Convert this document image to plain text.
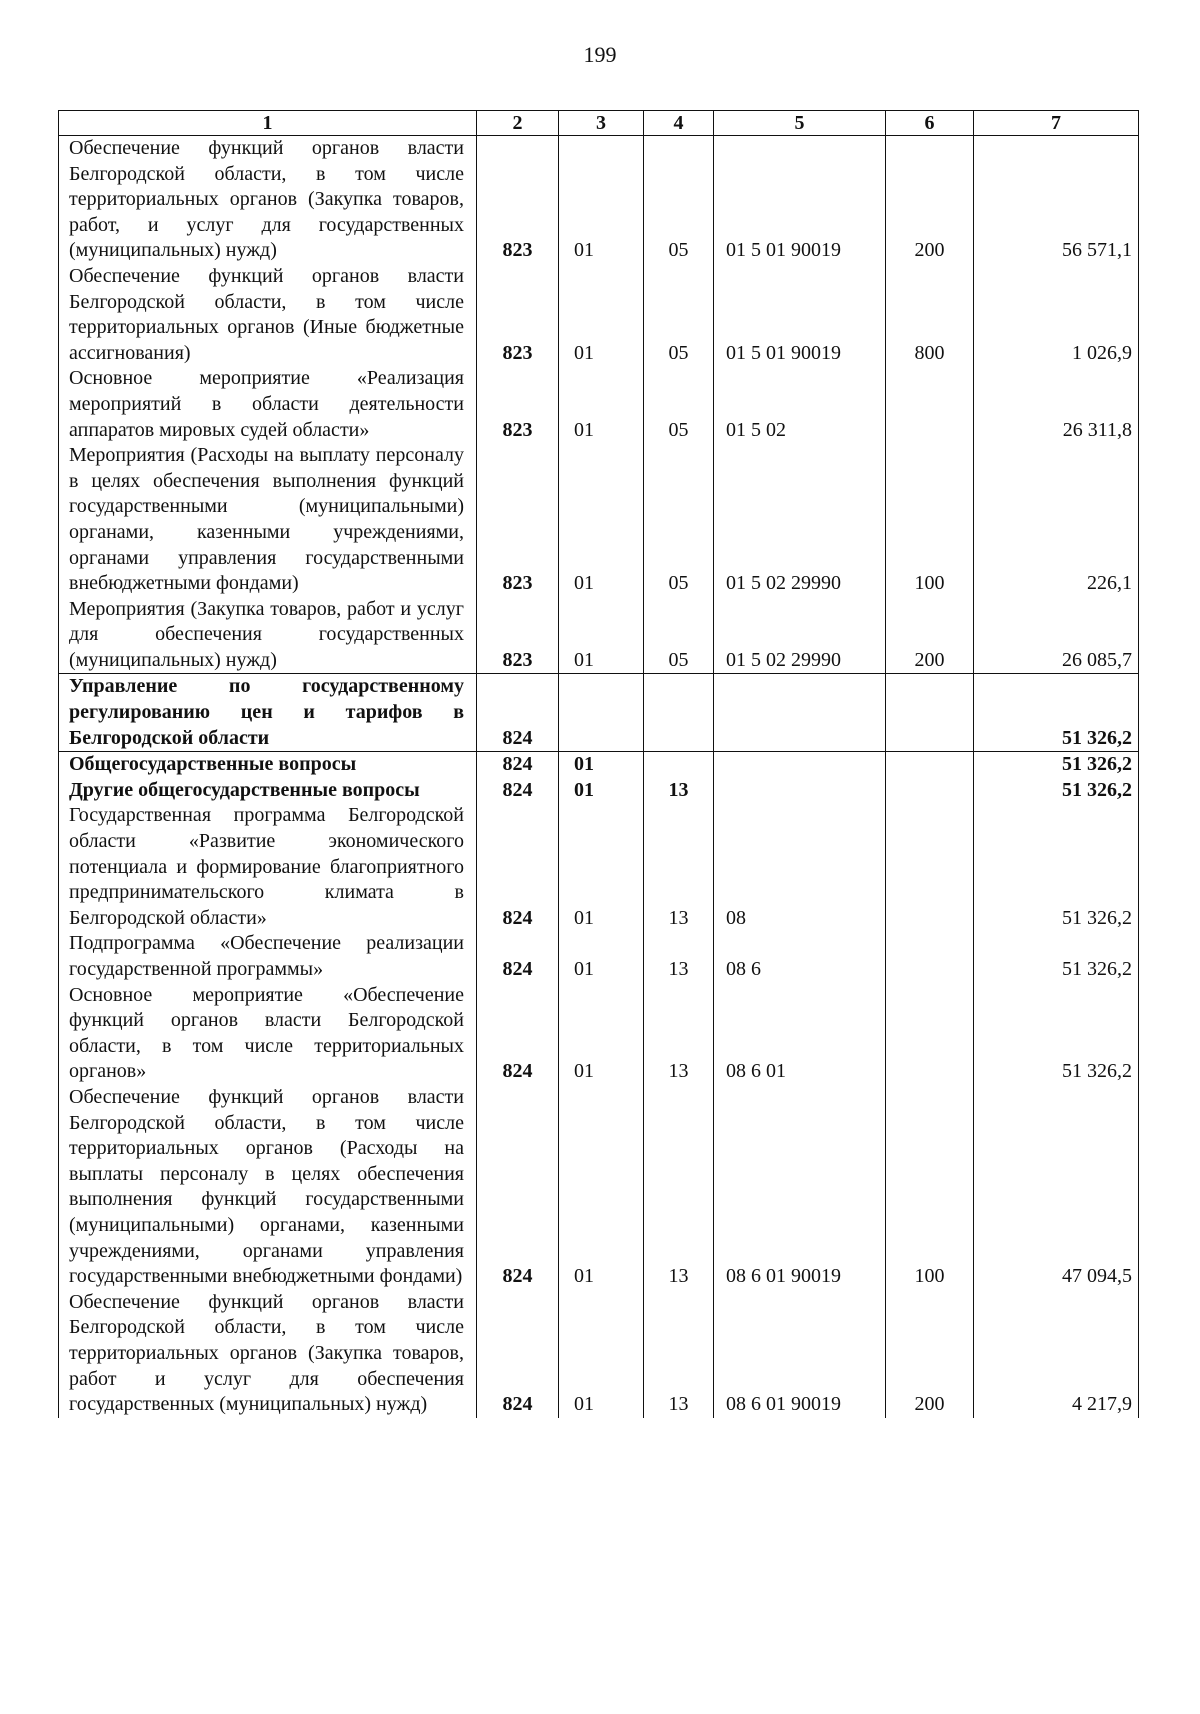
199
1	2	3	4	5	6	7
Обеспечение функций органов власти Белгородской области, в том числе территориальных органов (Закупка товаров, работ, и услуг для государственных (муниципальных) нужд)	823	01	05	01 5 01 90019	200	56 571,1
Обеспечение функций органов власти Белгородской области, в том числе территориальных органов (Иные бюджетные ассигнования)	823	01	05	01 5 01 90019	800	1 026,9
Основное мероприятие «Реализация мероприятий в области деятельности аппаратов мировых судей области»	823	01	05	01 5 02		26 311,8
Мероприятия (Расходы на выплату персоналу в целях обеспечения выполнения функций государственными (муниципальными) органами, казенными учреждениями, органами управления государственными внебюджетными фондами)	823	01	05	01 5 02 29990	100	226,1
Мероприятия (Закупка товаров, работ и услуг для обеспечения государственных (муниципальных) нужд)	823	01	05	01 5 02 29990	200	26 085,7
Управление по государственному регулированию цен и тарифов в Белгородской области	824					51 326,2
Общегосударственные вопросы	824	01				51 326,2
Другие общегосударственные вопросы	824	01	13			51 326,2
Государственная программа Белгородской области «Развитие экономического потенциала и формирование благоприятного предпринимательского климата в Белгородской области»	824	01	13	08		51 326,2
Подпрограмма «Обеспечение реализации государственной программы»	824	01	13	08 6		51 326,2
Основное мероприятие «Обеспечение функций органов власти Белгородской области, в том числе территориальных органов»	824	01	13	08 6 01		51 326,2
Обеспечение функций органов власти Белгородской области, в том числе территориальных органов (Расходы на выплаты персоналу в целях обеспечения выполнения функций государственными (муниципальными) органами, казенными учреждениями, органами управления государственными внебюджетными фондами)	824	01	13	08 6 01 90019	100	47 094,5
Обеспечение функций органов власти Белгородской области, в том числе территориальных органов (Закупка товаров, работ и услуг для обеспечения государственных (муниципальных) нужд)	824	01	13	08 6 01 90019	200	4 217,9
